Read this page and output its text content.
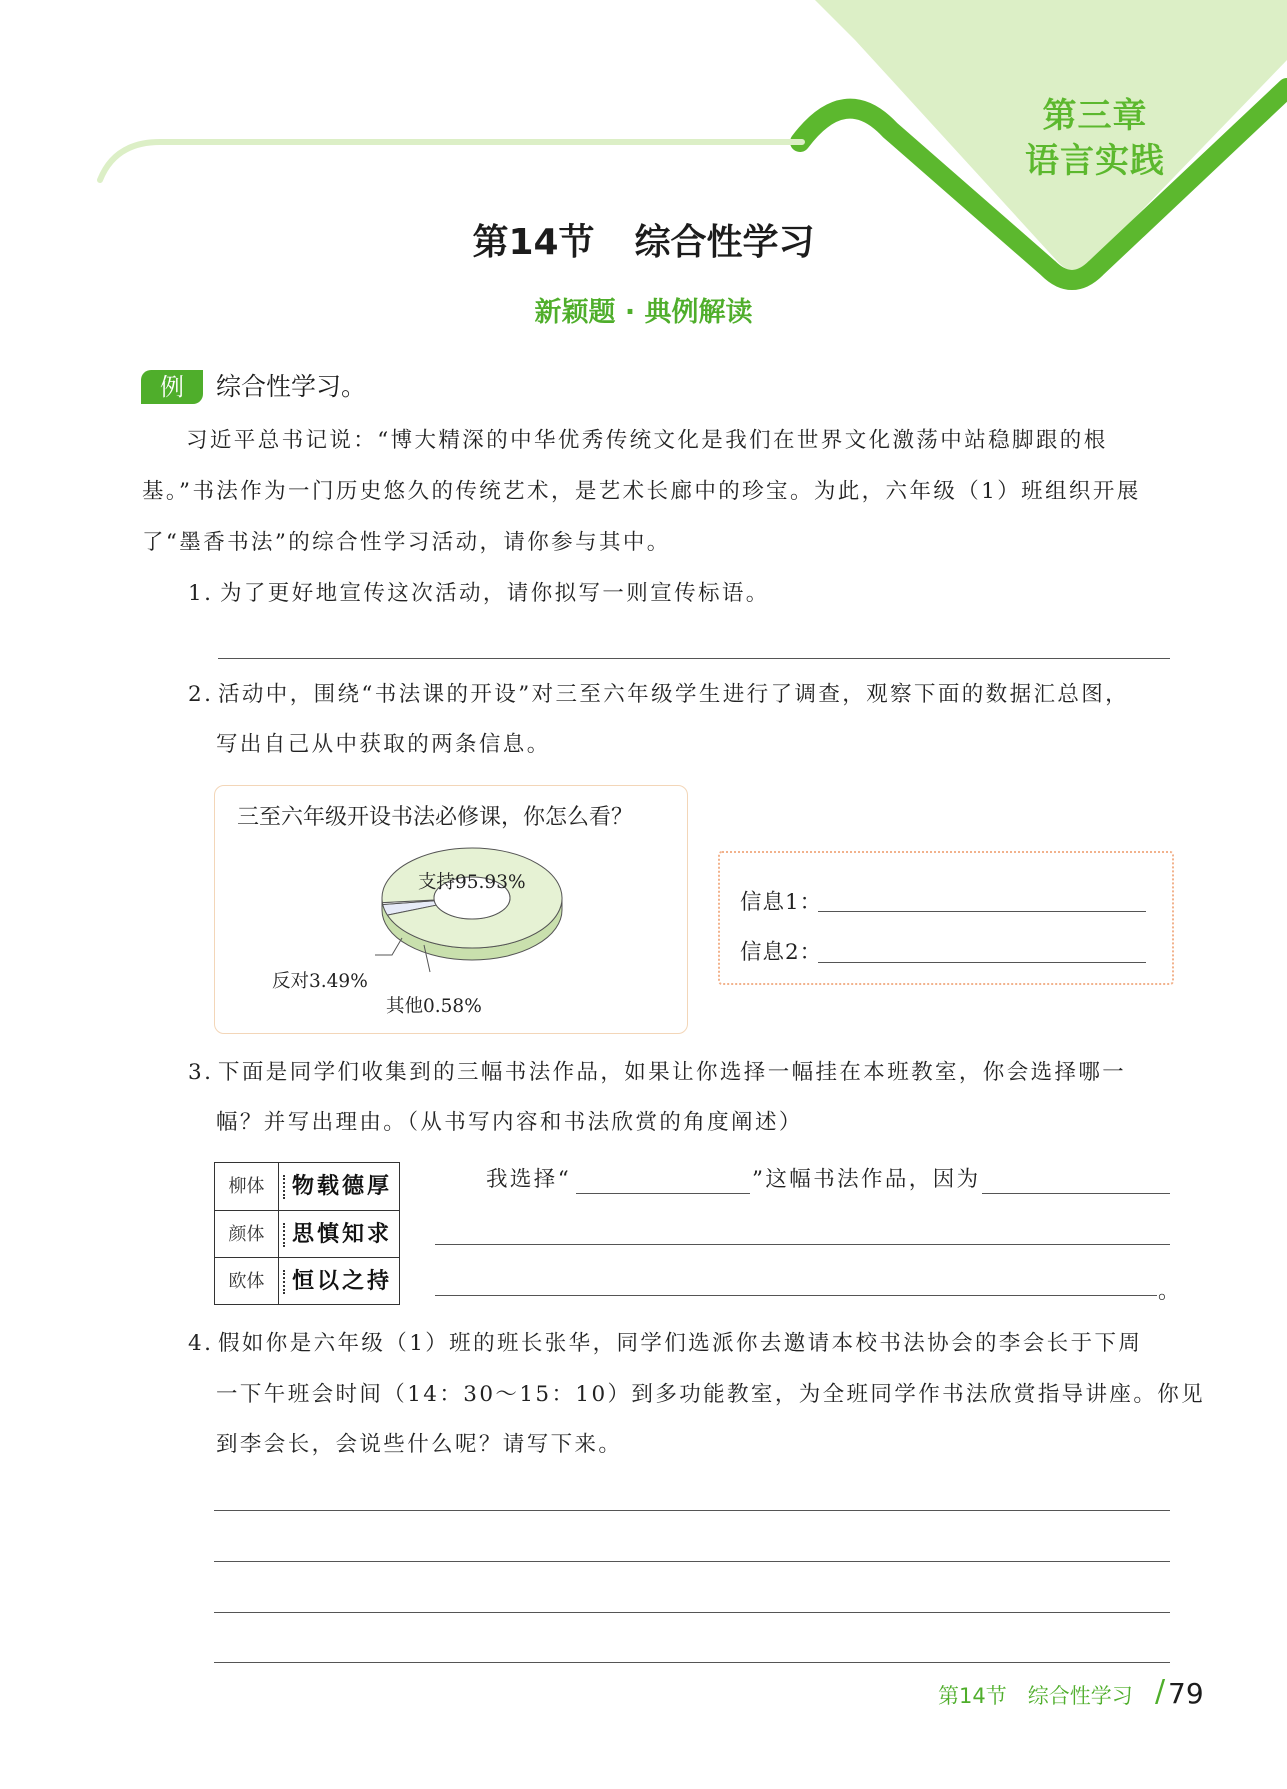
第三章
语言实践
第14节 综合性学习
新颖题 · 典例解读
例	综合性学习。
习近平总书记说：“博大精深的中华优秀传统文化是我们在世界文化激荡中站稳脚跟的根基。”书法作为一门历史悠久的传统艺术，是艺术长廊中的珍宝。为此，六年级（1）班组织开展了“墨香书法”的综合性学习活动，请你参与其中。
1. 为了更好地宣传这次活动，请你拟写一则宣传标语。
2. 活动中，围绕“书法课的开设”对三至六年级学生进行了调查，观察下面的数据汇总图，
写出自己从中获取的两条信息。
三至六年级开设书法必修课，你怎么看？
支持95.93%
反对3.49%
其他0.58%
信息1：
信息2：
3. 下面是同学们收集到的三幅书法作品，如果让你选择一幅挂在本班教室，你会选择哪一
幅？并写出理由。（从书写内容和书法欣赏的角度阐述）
柳体	物载德厚
颜体	思慎知求
欧体	恒以之持
我选择“	”这幅书法作品，因为
。
4. 假如你是六年级（1）班的班长张华，同学们选派你去邀请本校书法协会的李会长于下周
一下午班会时间（14：30～15：10）到多功能教室，为全班同学作书法欣赏指导讲座。你见
到李会长，会说些什么呢？请写下来。
第14节　综合性学习 / 79
